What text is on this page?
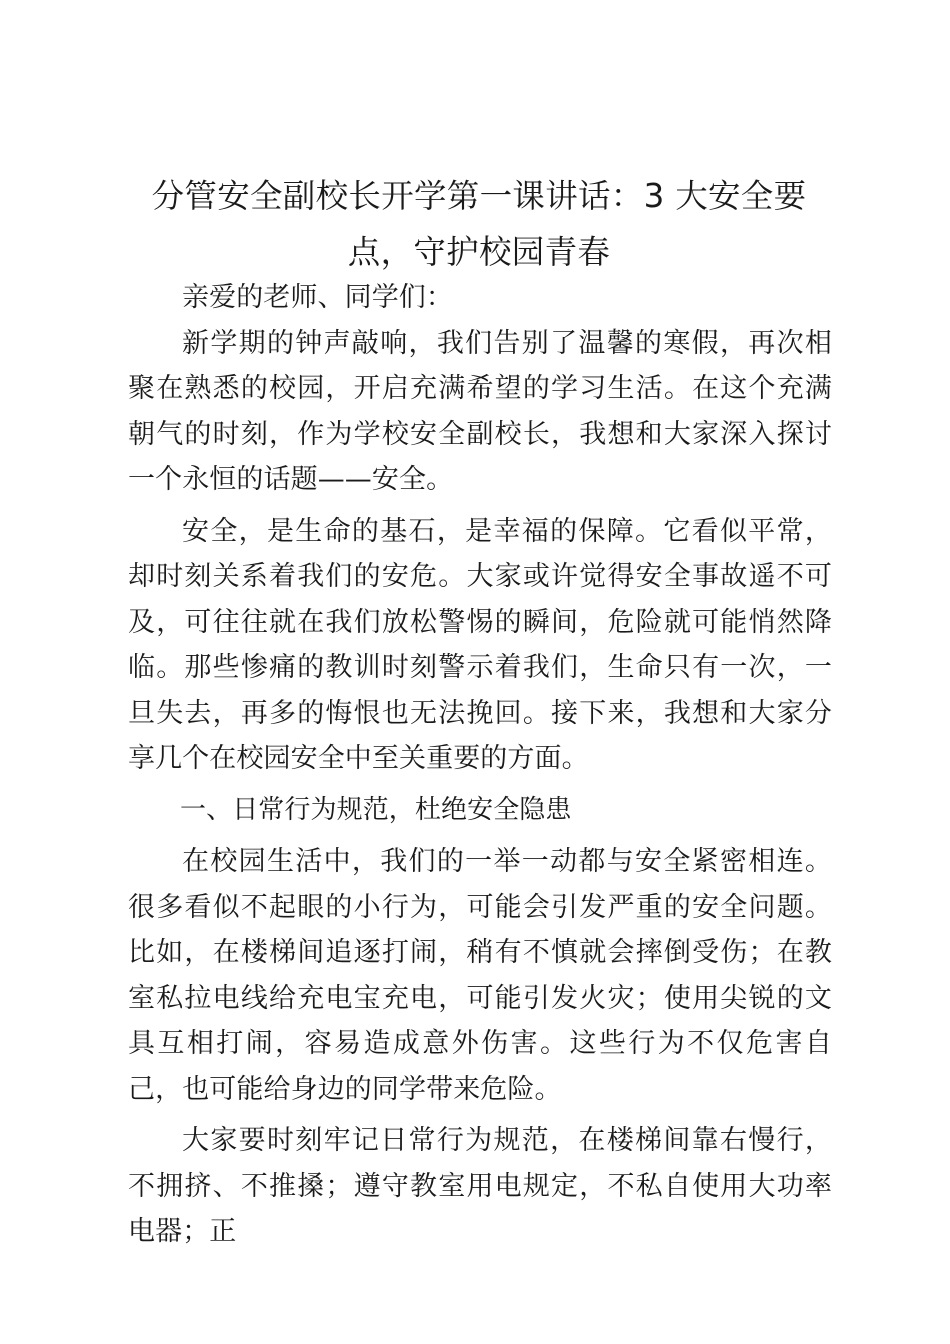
分管安全副校长开学第一课讲话：3 大安全要点，守护校园青春

亲爱的老师、同学们：

新学期的钟声敲响，我们告别了温馨的寒假，再次相聚在熟悉的校园，开启充满希望的学习生活。在这个充满朝气的时刻，作为学校安全副校长，我想和大家深入探讨一个永恒的话题——安全。

安全，是生命的基石，是幸福的保障。它看似平常，却时刻关系着我们的安危。大家或许觉得安全事故遥不可及，可往往就在我们放松警惕的瞬间，危险就可能悄然降临。那些惨痛的教训时刻警示着我们，生命只有一次，一旦失去，再多的悔恨也无法挽回。接下来，我想和大家分享几个在校园安全中至关重要的方面。

一、日常行为规范，杜绝安全隐患

在校园生活中，我们的一举一动都与安全紧密相连。很多看似不起眼的小行为，可能会引发严重的安全问题。比如，在楼梯间追逐打闹，稍有不慎就会摔倒受伤；在教室私拉电线给充电宝充电，可能引发火灾；使用尖锐的文具互相打闹，容易造成意外伤害。这些行为不仅危害自己，也可能给身边的同学带来危险。

大家要时刻牢记日常行为规范，在楼梯间靠右慢行，不拥挤、不推搡；遵守教室用电规定，不私自使用大功率电器；正
